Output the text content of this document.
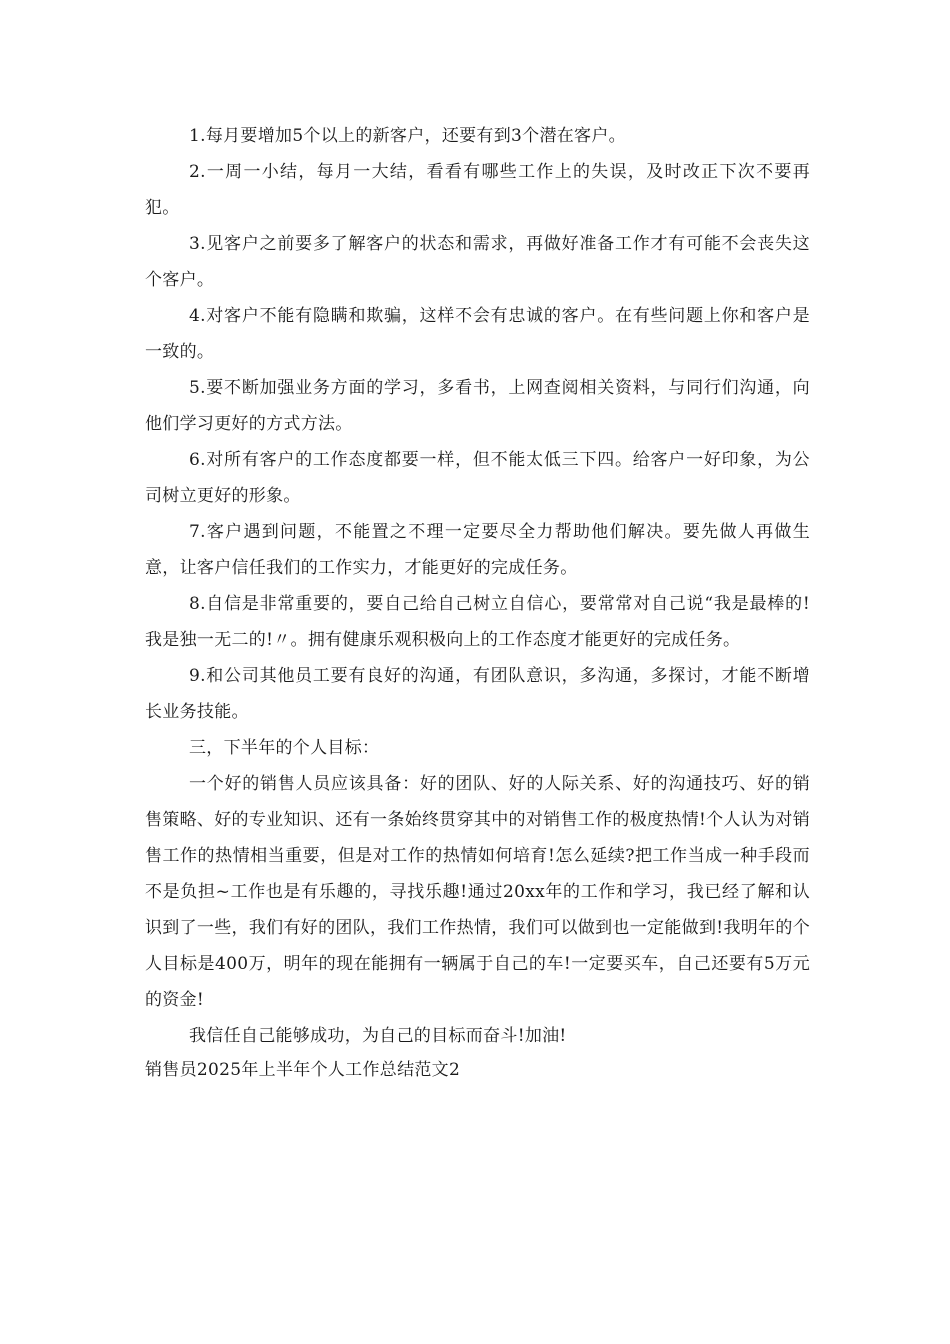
1.每月要增加5个以上的新客户，还要有到3个潜在客户。

2.一周一小结，每月一大结，看看有哪些工作上的失误，及时改正下次不要再犯。

3.见客户之前要多了解客户的状态和需求，再做好准备工作才有可能不会丧失这个客户。

4.对客户不能有隐瞒和欺骗，这样不会有忠诚的客户。在有些问题上你和客户是一致的。

5.要不断加强业务方面的学习，多看书，上网查阅相关资料，与同行们沟通，向他们学习更好的方式方法。

6.对所有客户的工作态度都要一样，但不能太低三下四。给客户一好印象，为公司树立更好的形象。

7.客户遇到问题，不能置之不理一定要尽全力帮助他们解决。要先做人再做生意，让客户信任我们的工作实力，才能更好的完成任务。

8.自信是非常重要的，要自己给自己树立自信心，要常常对自己说“我是最棒的!我是独一无二的!〃。拥有健康乐观积极向上的工作态度才能更好的完成任务。

9.和公司其他员工要有良好的沟通，有团队意识，多沟通，多探讨，才能不断增长业务技能。

三，下半年的个人目标：

一个好的销售人员应该具备：好的团队、好的人际关系、好的沟通技巧、好的销售策略、好的专业知识、还有一条始终贯穿其中的对销售工作的极度热情!个人认为对销售工作的热情相当重要，但是对工作的热情如何培育!怎么延续?把工作当成一种手段而不是负担~工作也是有乐趣的，寻找乐趣!通过20xx年的工作和学习，我已经了解和认识到了一些，我们有好的团队，我们工作热情，我们可以做到也一定能做到!我明年的个人目标是400万，明年的现在能拥有一辆属于自己的车!一定要买车，自己还要有5万元的资金!

我信任自己能够成功，为自己的目标而奋斗!加油!

销售员2025年上半年个人工作总结范文2
